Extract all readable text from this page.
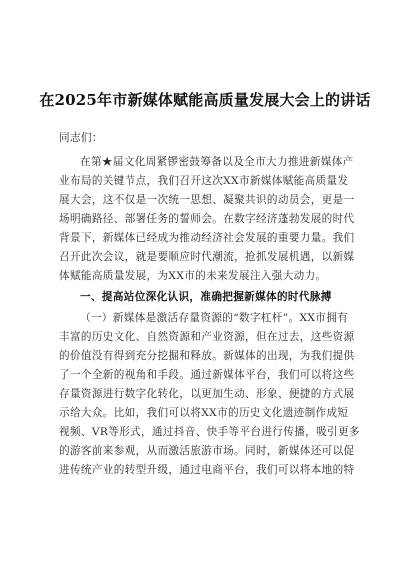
在2025年市新媒体赋能高质量发展大会上的讲话
同志们：
在第★届文化周紧锣密鼓筹备以及全市大力推进新媒体产
业布局的关键节点，我们召开这次XX市新媒体赋能高质量发
展大会，这不仅是一次统一思想、凝聚共识的动员会，更是一
场明确路径、部署任务的誓师会。在数字经济蓬勃发展的时代
背景下，新媒体已经成为推动经济社会发展的重要力量。我们
召开此次会议，就是要顺应时代潮流，抢抓发展机遇，以新媒
体赋能高质量发展，为XX市的未来发展注入强大动力。
一、提高站位深化认识，准确把握新媒体的时代脉搏
（一）新媒体是激活存量资源的“数字杠杆”。XX市拥有
丰富的历史文化、自然资源和产业资源，但在过去，这些资源
的价值没有得到充分挖掘和释放。新媒体的出现，为我们提供
了一个全新的视角和手段。通过新媒体平台，我们可以将这些
存量资源进行数字化转化，以更加生动、形象、便捷的方式展
示给大众。比如，我们可以将XX市的历史文化遗迹制作成短
视频、VR等形式，通过抖音、快手等平台进行传播，吸引更多
的游客前来参观，从而激活旅游市场。同时，新媒体还可以促
进传统产业的转型升级，通过电商平台，我们可以将本地的特
